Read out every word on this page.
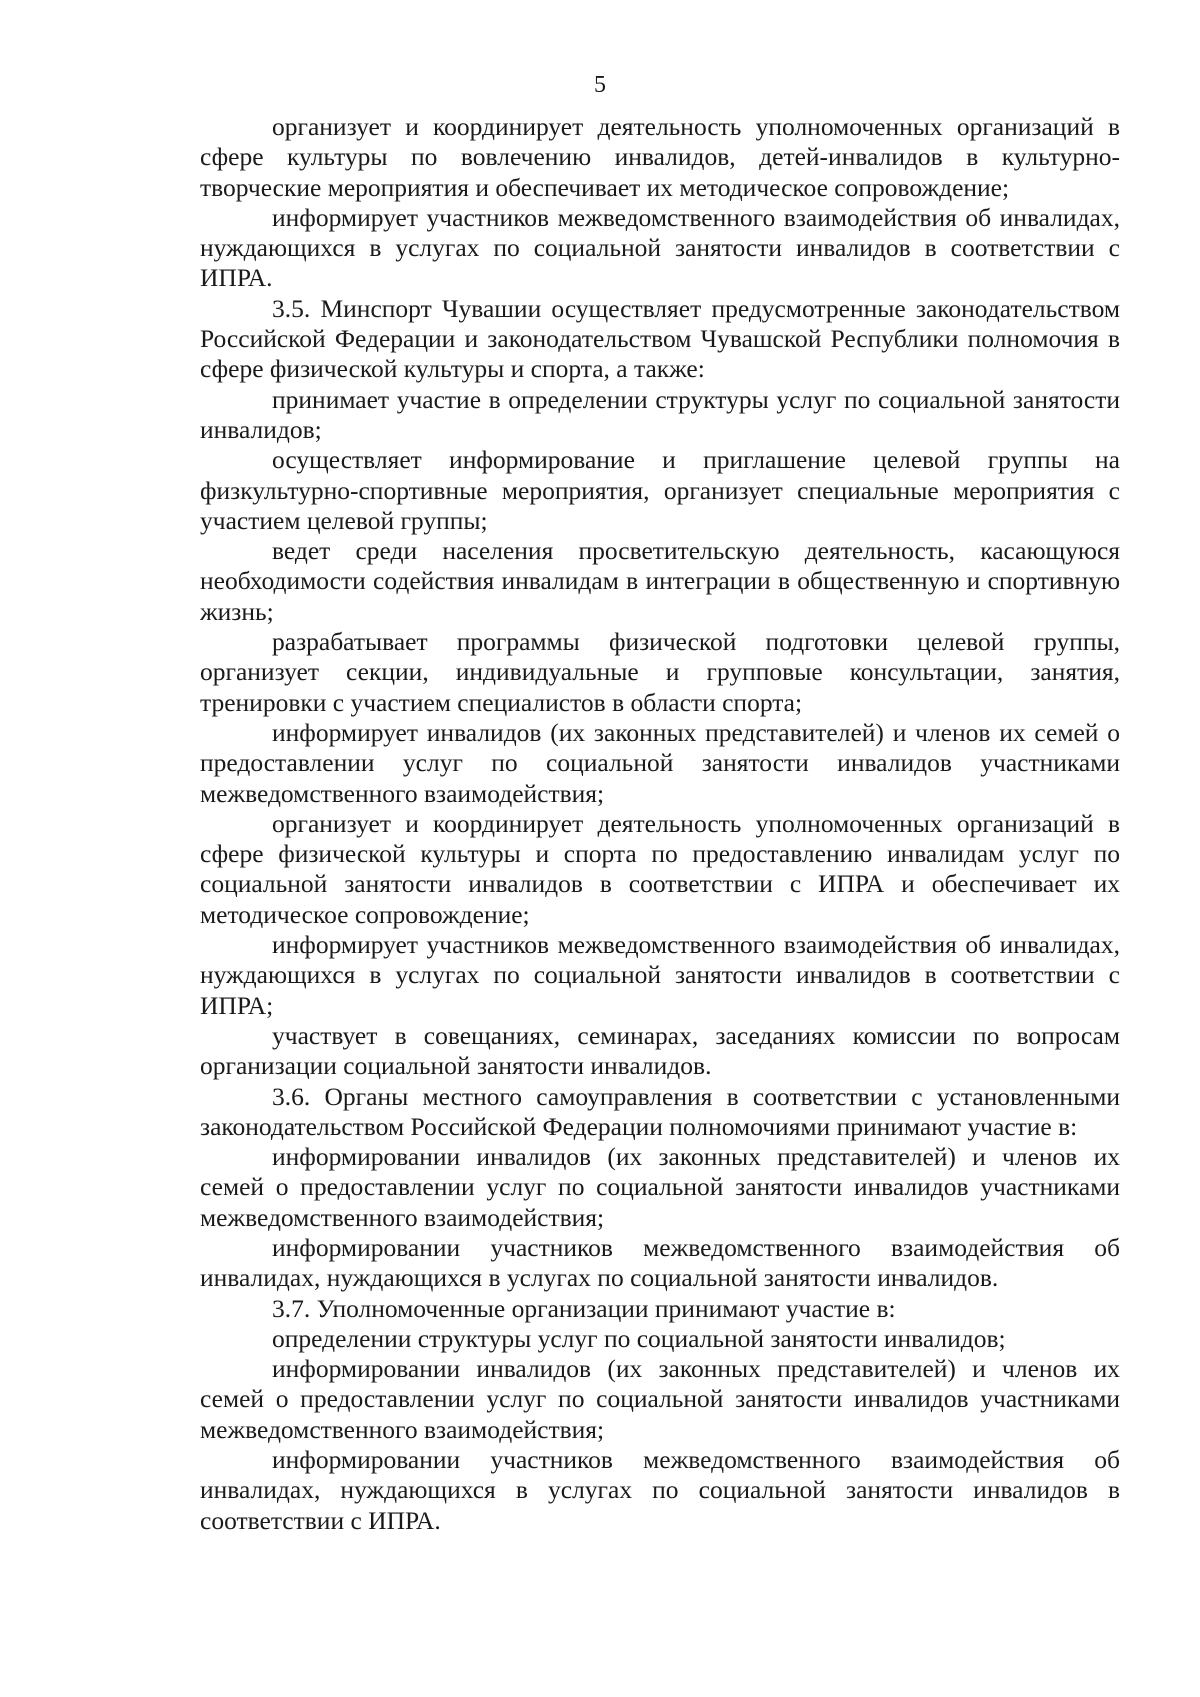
5

организует и координирует деятельность уполномоченных организаций в сфере культуры по вовлечению инвалидов, детей-инвалидов в культурно-творческие мероприятия и обеспечивает их методическое сопровождение;

информирует участников межведомственного взаимодействия об инвалидах, нуждающихся в услугах по социальной занятости инвалидов в соответствии с ИПРА.

3.5. Минспорт Чувашии осуществляет предусмотренные законодательством Российской Федерации и законодательством Чувашской Республики полномочия в сфере физической культуры и спорта, а также:

принимает участие в определении структуры услуг по социальной занятости инвалидов;

осуществляет информирование и приглашение целевой группы на физкультурно-спортивные мероприятия, организует специальные мероприятия с участием целевой группы;

ведет среди населения просветительскую деятельность, касающуюся необходимости содействия инвалидам в интеграции в общественную и спортивную жизнь;

разрабатывает программы физической подготовки целевой группы, организует секции, индивидуальные и групповые консультации, занятия, тренировки с участием специалистов в области спорта;

информирует инвалидов (их законных представителей) и членов их семей о предоставлении услуг по социальной занятости инвалидов участниками межведомственного взаимодействия;

организует и координирует деятельность уполномоченных организаций в сфере физической культуры и спорта по предоставлению инвалидам услуг по социальной занятости инвалидов в соответствии с ИПРА и обеспечивает их методическое сопровождение;

информирует участников межведомственного взаимодействия об инвалидах, нуждающихся в услугах по социальной занятости инвалидов в соответствии с ИПРА;

участвует в совещаниях, семинарах, заседаниях комиссии по вопросам организации социальной занятости инвалидов.

3.6. Органы местного самоуправления в соответствии с установленными законодательством Российской Федерации полномочиями принимают участие в:

информировании инвалидов (их законных представителей) и членов их семей о предоставлении услуг по социальной занятости инвалидов участниками межведомственного взаимодействия;

информировании участников межведомственного взаимодействия об инвалидах, нуждающихся в услугах по социальной занятости инвалидов.

3.7. Уполномоченные организации принимают участие в:

определении структуры услуг по социальной занятости инвалидов;

информировании инвалидов (их законных представителей) и членов их семей о предоставлении услуг по социальной занятости инвалидов участниками межведомственного взаимодействия;

информировании участников межведомственного взаимодействия об инвалидах, нуждающихся в услугах по социальной занятости инвалидов в соответствии с ИПРА.
